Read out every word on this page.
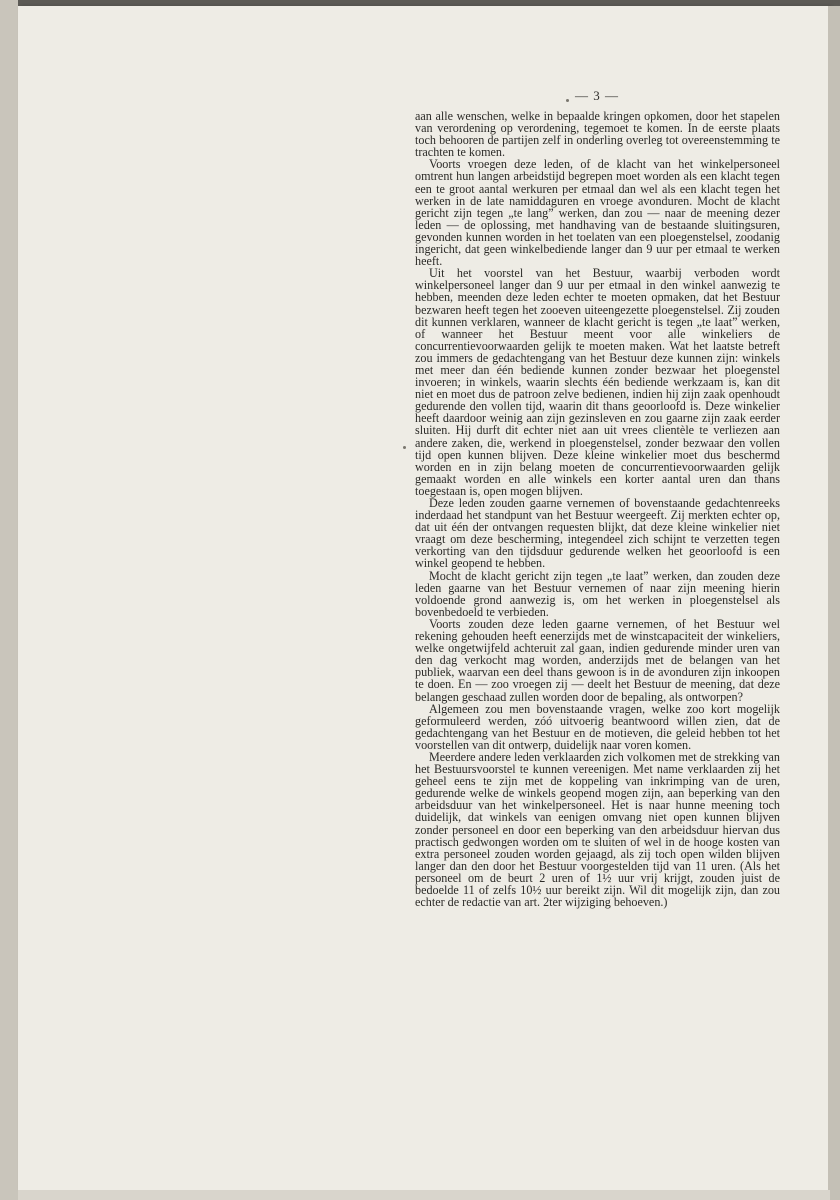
— 3 —

aan alle wenschen, welke in bepaalde kringen opkomen, door het stapelen van verordening op verordening, tegemoet te komen. In de eerste plaats toch behooren de partijen zelf in onderling overleg tot overeenstemming te trachten te komen.

Voorts vroegen deze leden, of de klacht van het winkelpersoneel omtrent hun langen arbeidstijd begrepen moet worden als een klacht tegen een te groot aantal werkuren per etmaal dan wel als een klacht tegen het werken in de late namiddaguren en vroege avonduren. Mocht de klacht gericht zijn tegen „te lang” werken, dan zou — naar de meening dezer leden — de oplossing, met handhaving van de bestaande sluitingsuren, gevonden kunnen worden in het toelaten van een ploegenstelsel, zoodanig ingericht, dat geen winkelbediende langer dan 9 uur per etmaal te werken heeft.

Uit het voorstel van het Bestuur, waarbij verboden wordt winkelpersoneel langer dan 9 uur per etmaal in den winkel aanwezig te hebben, meenden deze leden echter te moeten opmaken, dat het Bestuur bezwaren heeft tegen het zooeven uiteengezette ploegenstelsel. Zij zouden dit kunnen verklaren, wanneer de klacht gericht is tegen „te laat” werken, of wanneer het Bestuur meent voor alle winkeliers de concurrentievoorwaarden gelijk te moeten maken. Wat het laatste betreft zou immers de gedachtengang van het Bestuur deze kunnen zijn: winkels met meer dan één bediende kunnen zonder bezwaar het ploegenstel invoeren; in winkels, waarin slechts één bediende werkzaam is, kan dit niet en moet dus de patroon zelve bedienen, indien hij zijn zaak openhoudt gedurende den vollen tijd, waarin dit thans geoorloofd is. Deze winkelier heeft daardoor weinig aan zijn gezinsleven en zou gaarne zijn zaak eerder sluiten. Hij durft dit echter niet aan uit vrees clientèle te verliezen aan andere zaken, die, werkend in ploegenstelsel, zonder bezwaar den vollen tijd open kunnen blijven. Deze kleine winkelier moet dus beschermd worden en in zijn belang moeten de concurrentievoorwaarden gelijk gemaakt worden en alle winkels een korter aantal uren dan thans toegestaan is, open mogen blijven.

Deze leden zouden gaarne vernemen of bovenstaande gedachtenreeks inderdaad het standpunt van het Bestuur weergeeft. Zij merkten echter op, dat uit één der ontvangen requesten blijkt, dat deze kleine winkelier niet vraagt om deze bescherming, integendeel zich schijnt te verzetten tegen verkorting van den tijdsduur gedurende welken het geoorloofd is een winkel geopend te hebben.

Mocht de klacht gericht zijn tegen „te laat” werken, dan zouden deze leden gaarne van het Bestuur vernemen of naar zijn meening hierin voldoende grond aanwezig is, om het werken in ploegenstelsel als bovenbedoeld te verbieden.

Voorts zouden deze leden gaarne vernemen, of het Bestuur wel rekening gehouden heeft eenerzijds met de winstcapaciteit der winkeliers, welke ongetwijfeld achteruit zal gaan, indien gedurende minder uren van den dag verkocht mag worden, anderzijds met de belangen van het publiek, waarvan een deel thans gewoon is in de avonduren zijn inkoopen te doen. En — zoo vroegen zij — deelt het Bestuur de meening, dat deze belangen geschaad zullen worden door de bepaling, als ontworpen?

Algemeen zou men bovenstaande vragen, welke zoo kort mogelijk geformuleerd werden, zóó uitvoerig beantwoord willen zien, dat de gedachtengang van het Bestuur en de motieven, die geleid hebben tot het voorstellen van dit ontwerp, duidelijk naar voren komen.

Meerdere andere leden verklaarden zich volkomen met de strekking van het Bestuursvoorstel te kunnen vereenigen. Met name verklaarden zij het geheel eens te zijn met de koppeling van inkrimping van de uren, gedurende welke de winkels geopend mogen zijn, aan beperking van den arbeidsduur van het winkelpersoneel. Het is naar hunne meening toch duidelijk, dat winkels van eenigen omvang niet open kunnen blijven zonder personeel en door een beperking van den arbeidsduur hiervan dus practisch gedwongen worden om te sluiten of wel in de hooge kosten van extra personeel zouden worden gejaagd, als zij toch open wilden blijven langer dan den door het Bestuur voorgestelden tijd van 11 uren. (Als het personeel om de beurt 2 uren of 1½ uur vrij krijgt, zouden juist de bedoelde 11 of zelfs 10½ uur bereikt zijn. Wil dit mogelijk zijn, dan zou echter de redactie van art. 2ter wijziging behoeven.)
